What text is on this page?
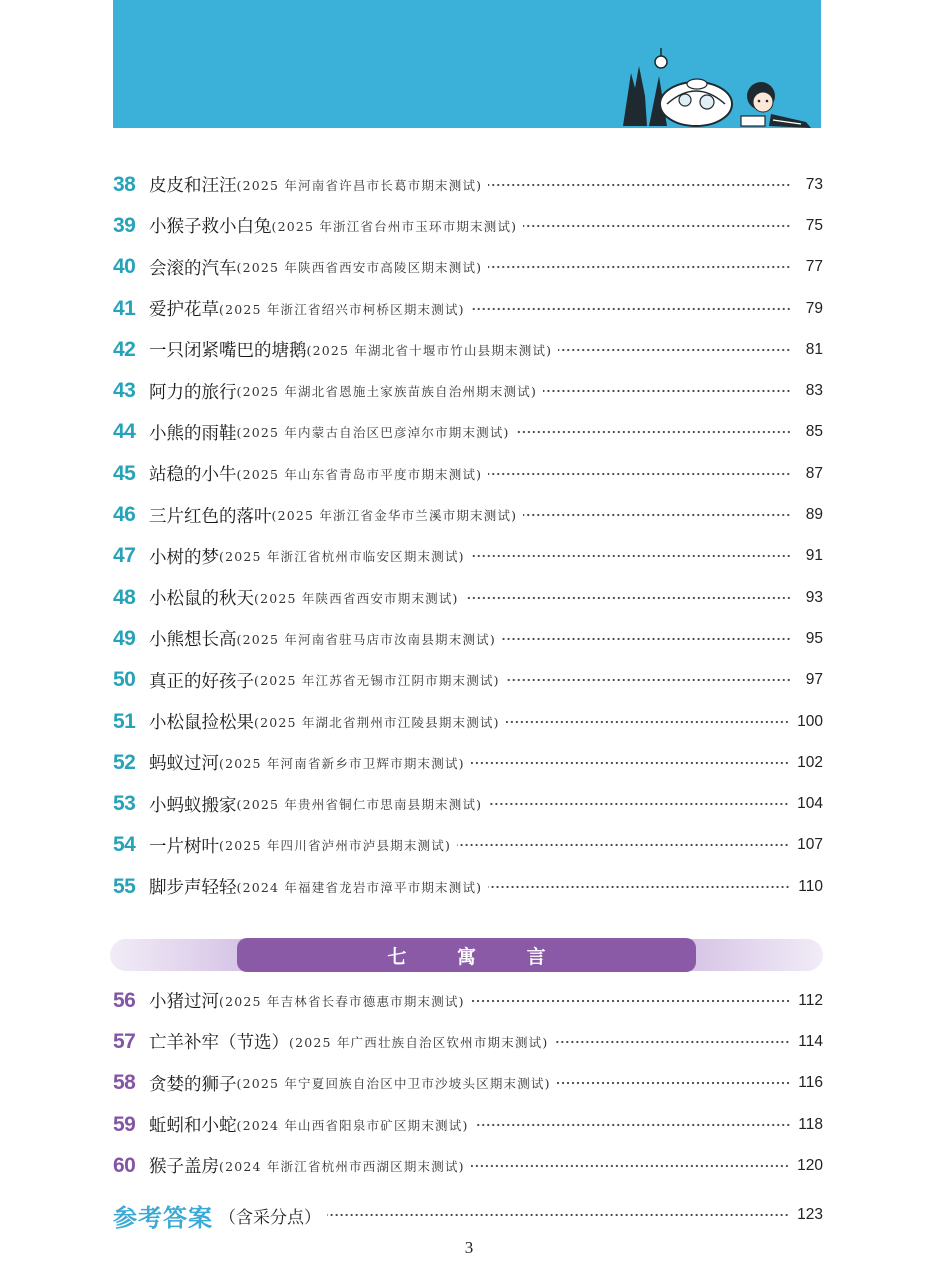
38 皮皮和汪汪 (2025 年河南省许昌市长葛市期末测试)	73
39 小猴子救小白兔 (2025 年浙江省台州市玉环市期末测试)	75
40 会滚的汽车 (2025 年陕西省西安市高陵区期末测试)	77
41 爱护花草 (2025 年浙江省绍兴市柯桥区期末测试)	79
42 一只闭紧嘴巴的塘鹅 (2025 年湖北省十堰市竹山县期末测试)	81
43 阿力的旅行 (2025 年湖北省恩施土家族苗族自治州期末测试)	83
44 小熊的雨鞋 (2025 年内蒙古自治区巴彦淖尔市期末测试)	85
45 站稳的小牛 (2025 年山东省青岛市平度市期末测试)	87
46 三片红色的落叶 (2025 年浙江省金华市兰溪市期末测试)	89
47 小树的梦 (2025 年浙江省杭州市临安区期末测试)	91
48 小松鼠的秋天 (2025 年陕西省西安市期末测试)	93
49 小熊想长高 (2025 年河南省驻马店市汝南县期末测试)	95
50 真正的好孩子 (2025 年江苏省无锡市江阴市期末测试)	97
51 小松鼠捡松果 (2025 年湖北省荆州市江陵县期末测试)	100
52 蚂蚁过河 (2025 年河南省新乡市卫辉市期末测试)	102
53 小蚂蚁搬家 (2025 年贵州省铜仁市思南县期末测试)	104
54 一片树叶 (2025 年四川省泸州市泸县期末测试)	107
55 脚步声轻轻 (2024 年福建省龙岩市漳平市期末测试)	110
七 寓 言
56 小猪过河 (2025 年吉林省长春市德惠市期末测试)	112
57 亡羊补牢（节选） (2025 年广西壮族自治区钦州市期末测试)	114
58 贪婪的狮子 (2025 年宁夏回族自治区中卫市沙坡头区期末测试)	116
59 蚯蚓和小蛇 (2024 年山西省阳泉市矿区期末测试)	118
60 猴子盖房 (2024 年浙江省杭州市西湖区期末测试)	120
参考答案 （含采分点）	123
3
